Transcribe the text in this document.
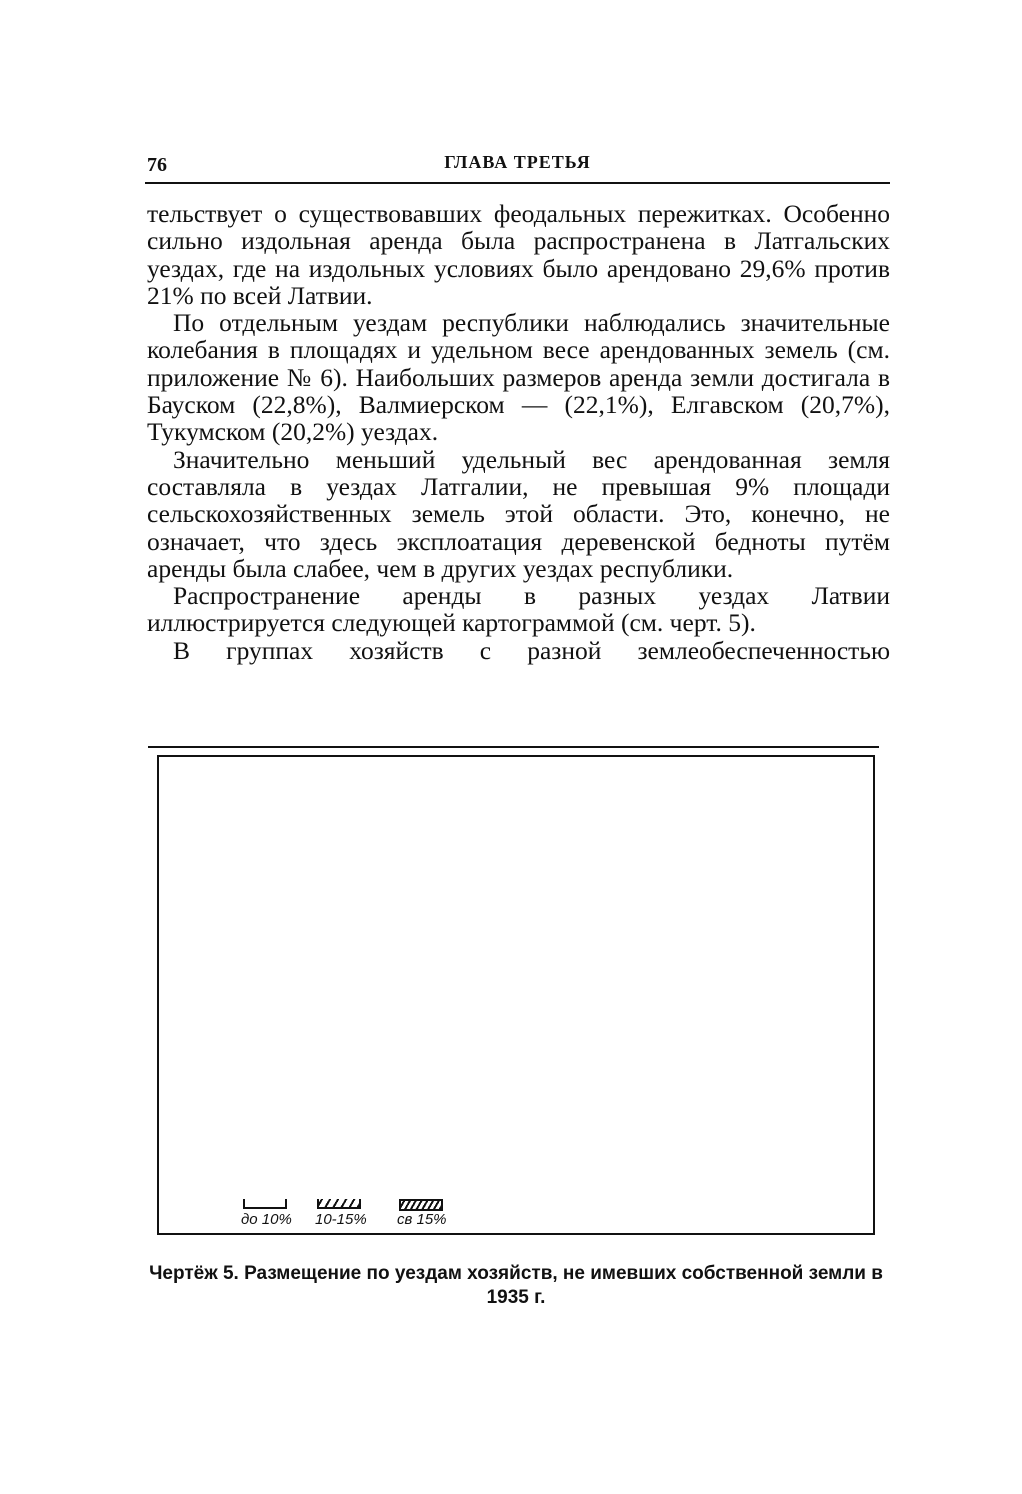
76	ГЛАВА ТРЕТЬЯ

тельствует о существовавших феодальных пережитках. Особенно сильно издольная аренда была распространена в Латгальских уездах, где на издольных условиях было арендовано 29,6% против 21% по всей Латвии.

По отдельным уездам республики наблюдались значительные колебания в площадях и удельном весе арендованных земель (см. приложение № 6). Наибольших размеров аренда земли достигала в Бауском (22,8%), Валмиерском — (22,1%), Елгавском (20,7%), Тукумском (20,2%) уездах.

Значительно меньший удельный вес арендованная земля составляла в уездах Латгалии, не превышая 9% площади сельскохозяйственных земель этой области. Это, конечно, не означает, что здесь эксплоатация деревенской бедноты путём аренды была слабее, чем в других уездах республики.

Распространение аренды в разных уездах Латвии иллюстрируется следующей картограммой (см. черт. 5).

В группах хозяйств с разной землеобеспеченностью

до 10% 10-15% св 15%
Чертёж 5. Размещение по уездам хозяйств, не имевших собственной земли в 1935 г.
